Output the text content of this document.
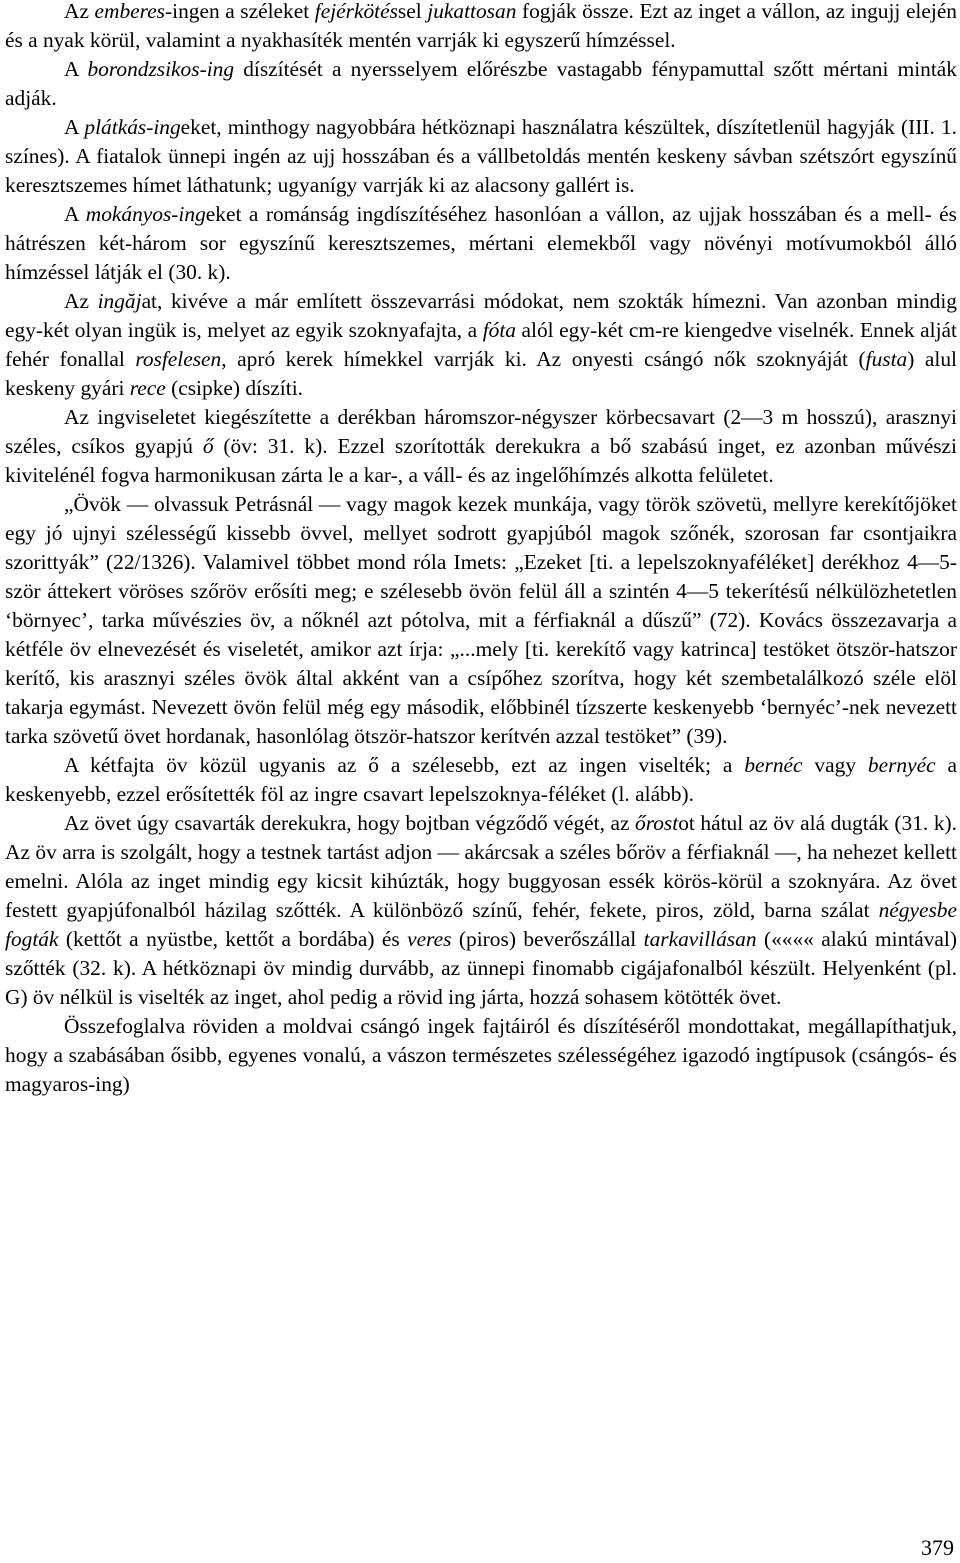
Az emberes-ingen a széleket fejérkötéssel jukattosan fogják össze. Ezt az inget a vállon, az ingujj elején és a nyak körül, valamint a nyakhasíték mentén varrják ki egyszerű hímzéssel.

A borondzsikos-ing díszítését a nyersselyem előrészbe vastagabb fénypamuttal szőtt mértani minták adják.

A plátkás-ingeket, minthogy nagyobbára hétköznapi használatra készültek, díszítetlenül hagyják (III. 1. színes). A fiatalok ünnepi ingén az ujj hosszában és a vállbetoldás mentén keskeny sávban szétszórt egyszínű keresztszemes hímet láthatunk; ugyanígy varrják ki az alacsony gallért is.

A mokányos-ingeket a románság ingdíszítéséhez hasonlóan a vállon, az ujjak hosszában és a mell- és hátrészen két-három sor egyszínű keresztszemes, mértani elemekből vagy növényi motívumokból álló hímzéssel látják el (30. k).

Az ingăjat, kivéve a már említett összevarrási módokat, nem szokták hímezni. Van azonban mindig egy-két olyan ingük is, melyet az egyik szoknyafajta, a fóta alól egy-két cm-re kiengedve viselnék. Ennek alját fehér fonallal rosfelesen, apró kerek hímekkel varrják ki. Az onyesti csángó nők szoknyáját (fusta) alul keskeny gyári rece (csipke) díszíti.

Az ingviseletet kiegészítette a derékban háromszor-négyszer körbecsavart (2—3 m hosszú), arasznyi széles, csíkos gyapjú ő (öv: 31. k). Ezzel szorították derekukra a bő szabású inget, ez azonban művészi kivitelénél fogva harmonikusan zárta le a kar-, a váll- és az ingelőhímzés alkotta felületet.

„Övök — olvassuk Petrásnál — vagy magok kezek munkája, vagy török szövetü, mellyre kerekítőjöket egy jó ujnyi szélességű kissebb övvel, mellyet sodrott gyapjúból magok szőnék, szorosan far csontjaikra szorittyák” (22/1326). Valamivel többet mond róla Imets: „Ezeket [ti. a lepelszoknyaféléket] derékhoz 4—5-ször áttekert vöröses szőröv erősíti meg; e szélesebb övön felül áll a szintén 4—5 tekerítésű nélkülözhetetlen ‘börnyec’, tarka művészies öv, a nőknél azt pótolva, mit a férfiaknál a dűszű” (72). Kovács összezavarja a kétféle öv elnevezését és viseletét, amikor azt írja: „...mely [ti. kerekítő vagy katrinca] testöket ötször-hatszor kerítő, kis arasznyi széles övök által akként van a csípőhez szorítva, hogy két szembetalálkozó széle elöl takarja egymást. Nevezett övön felül még egy második, előbbinél tízszerte keskenyebb ‘bernyéc’-nek nevezett tarka szövetű övet hordanak, hasonlólag ötször-hatszor kerítvén azzal testöket” (39).

A kétfajta öv közül ugyanis az ő a szélesebb, ezt az ingen viselték; a bernéc vagy bernyéc a keskenyebb, ezzel erősítették föl az ingre csavart lepelszoknya-féléket (l. alább).

Az övet úgy csavarták derekukra, hogy bojtban végződő végét, az őrostot hátul az öv alá dugták (31. k). Az öv arra is szolgált, hogy a testnek tartást adjon — akárcsak a széles bőröv a férfiaknál —, ha nehezet kellett emelni. Alóla az inget mindig egy kicsit kihúzták, hogy buggyosan essék körös-körül a szoknyára. Az övet festett gyapjúfonalból házilag szőtték. A különböző színű, fehér, fekete, piros, zöld, barna szálat négyesbe fogták (kettőt a nyüstbe, kettőt a bordába) és veres (piros) beverőszállal tarkavillásan («««« alakú mintával) szőtték (32. k). A hétköznapi öv mindig durvább, az ünnepi finomabb cigájafonalból készült. Helyenként (pl. G) öv nélkül is viselték az inget, ahol pedig a rövid ing járta, hozzá sohasem kötötték övet.

Összefoglalva röviden a moldvai csángó ingek fajtáiról és díszítéséről mondottakat, megállapíthatjuk, hogy a szabásában ősibb, egyenes vonalú, a vászon természetes szélességéhez igazodó ingtípusok (csángós- és magyaros-ing)

379
